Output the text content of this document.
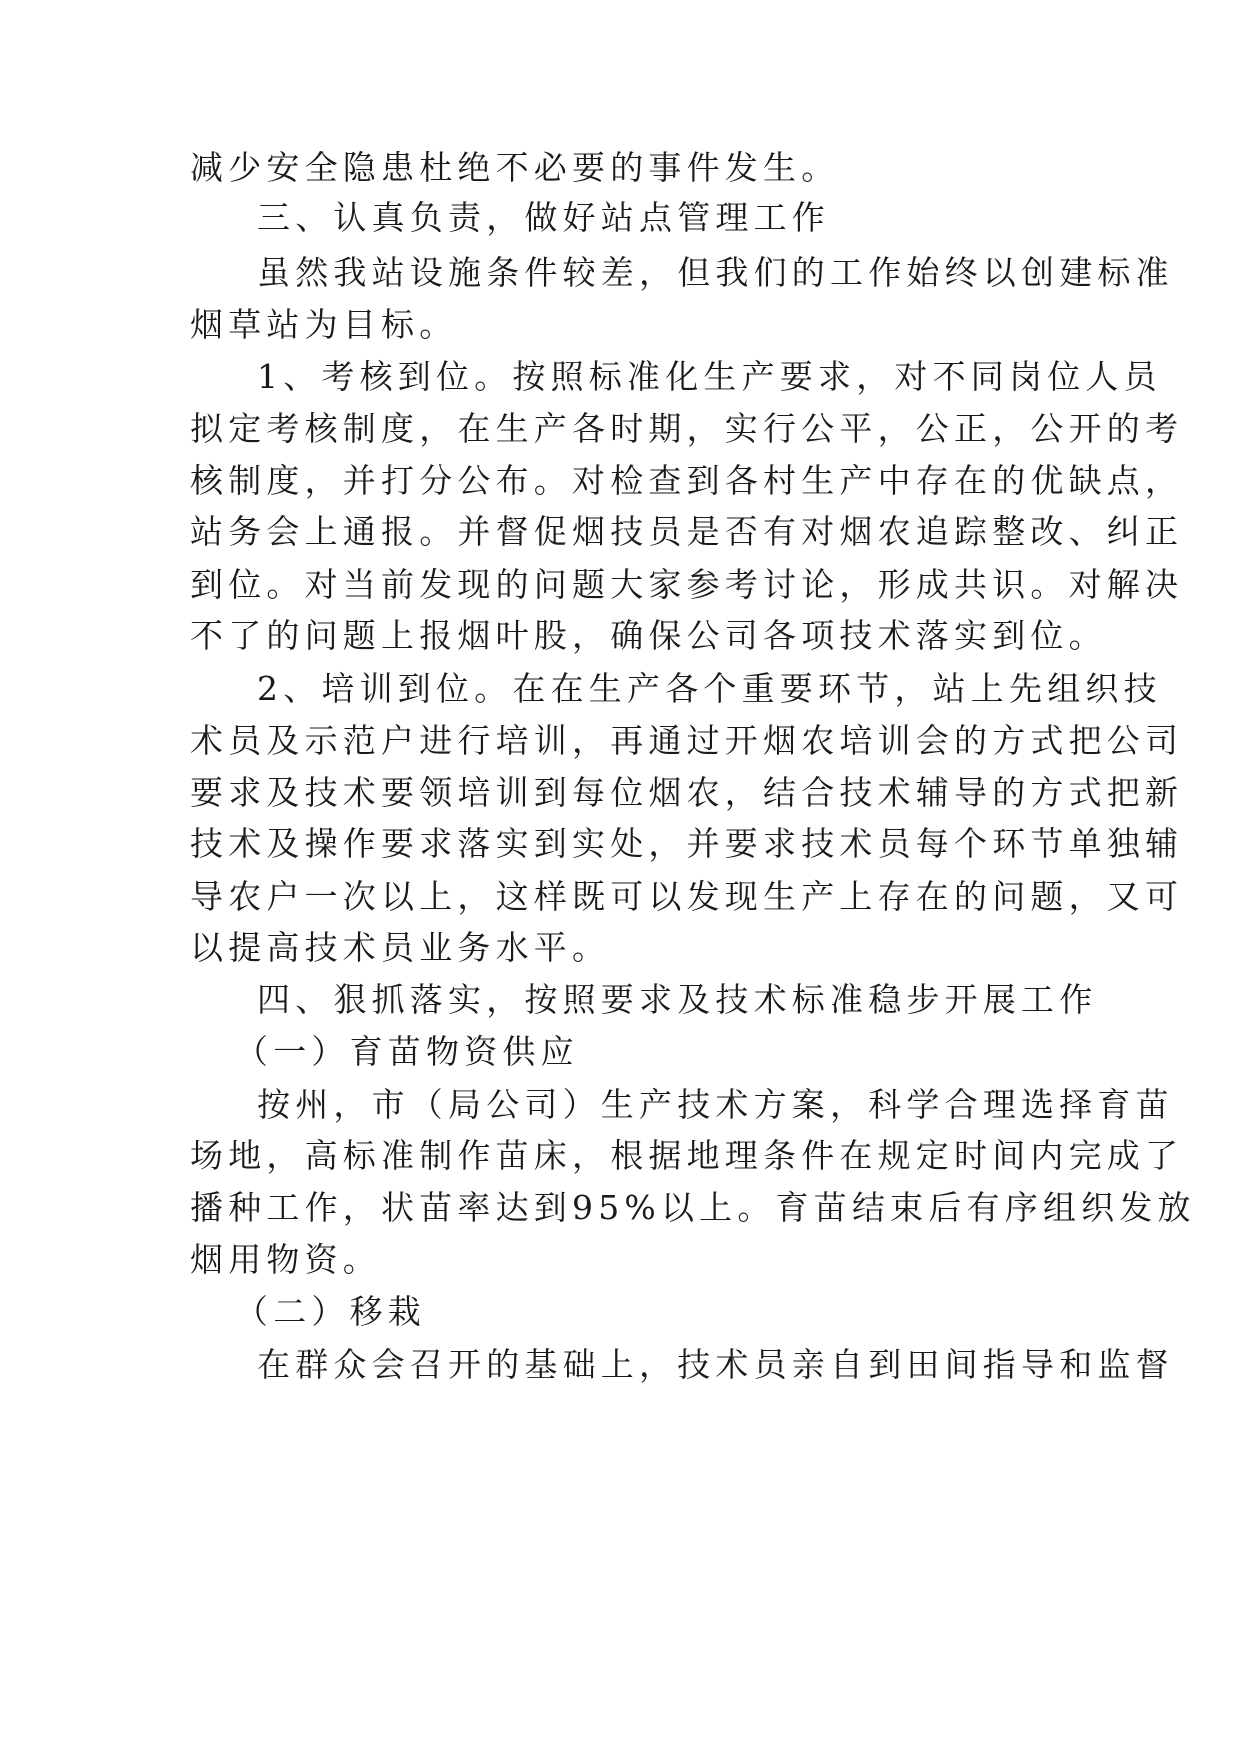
减少安全隐患杜绝不必要的事件发生。
三、认真负责，做好站点管理工作
虽然我站设施条件较差，但我们的工作始终以创建标准
烟草站为目标。
1、考核到位。按照标准化生产要求，对不同岗位人员
拟定考核制度，在生产各时期，实行公平，公正，公开的考
核制度，并打分公布。对检查到各村生产中存在的优缺点，
站务会上通报。并督促烟技员是否有对烟农追踪整改、纠正
到位。对当前发现的问题大家参考讨论，形成共识。对解决
不了的问题上报烟叶股，确保公司各项技术落实到位。
2、培训到位。在在生产各个重要环节，站上先组织技
术员及示范户进行培训，再通过开烟农培训会的方式把公司
要求及技术要领培训到每位烟农，结合技术辅导的方式把新
技术及操作要求落实到实处，并要求技术员每个环节单独辅
导农户一次以上，这样既可以发现生产上存在的问题，又可
以提高技术员业务水平。
四、狠抓落实，按照要求及技术标准稳步开展工作
（一）育苗物资供应
按州，市（局公司）生产技术方案，科学合理选择育苗
场地，高标准制作苗床，根据地理条件在规定时间内完成了
播种工作，状苗率达到95%以上。育苗结束后有序组织发放
烟用物资。
（二）移栽
在群众会召开的基础上，技术员亲自到田间指导和监督
